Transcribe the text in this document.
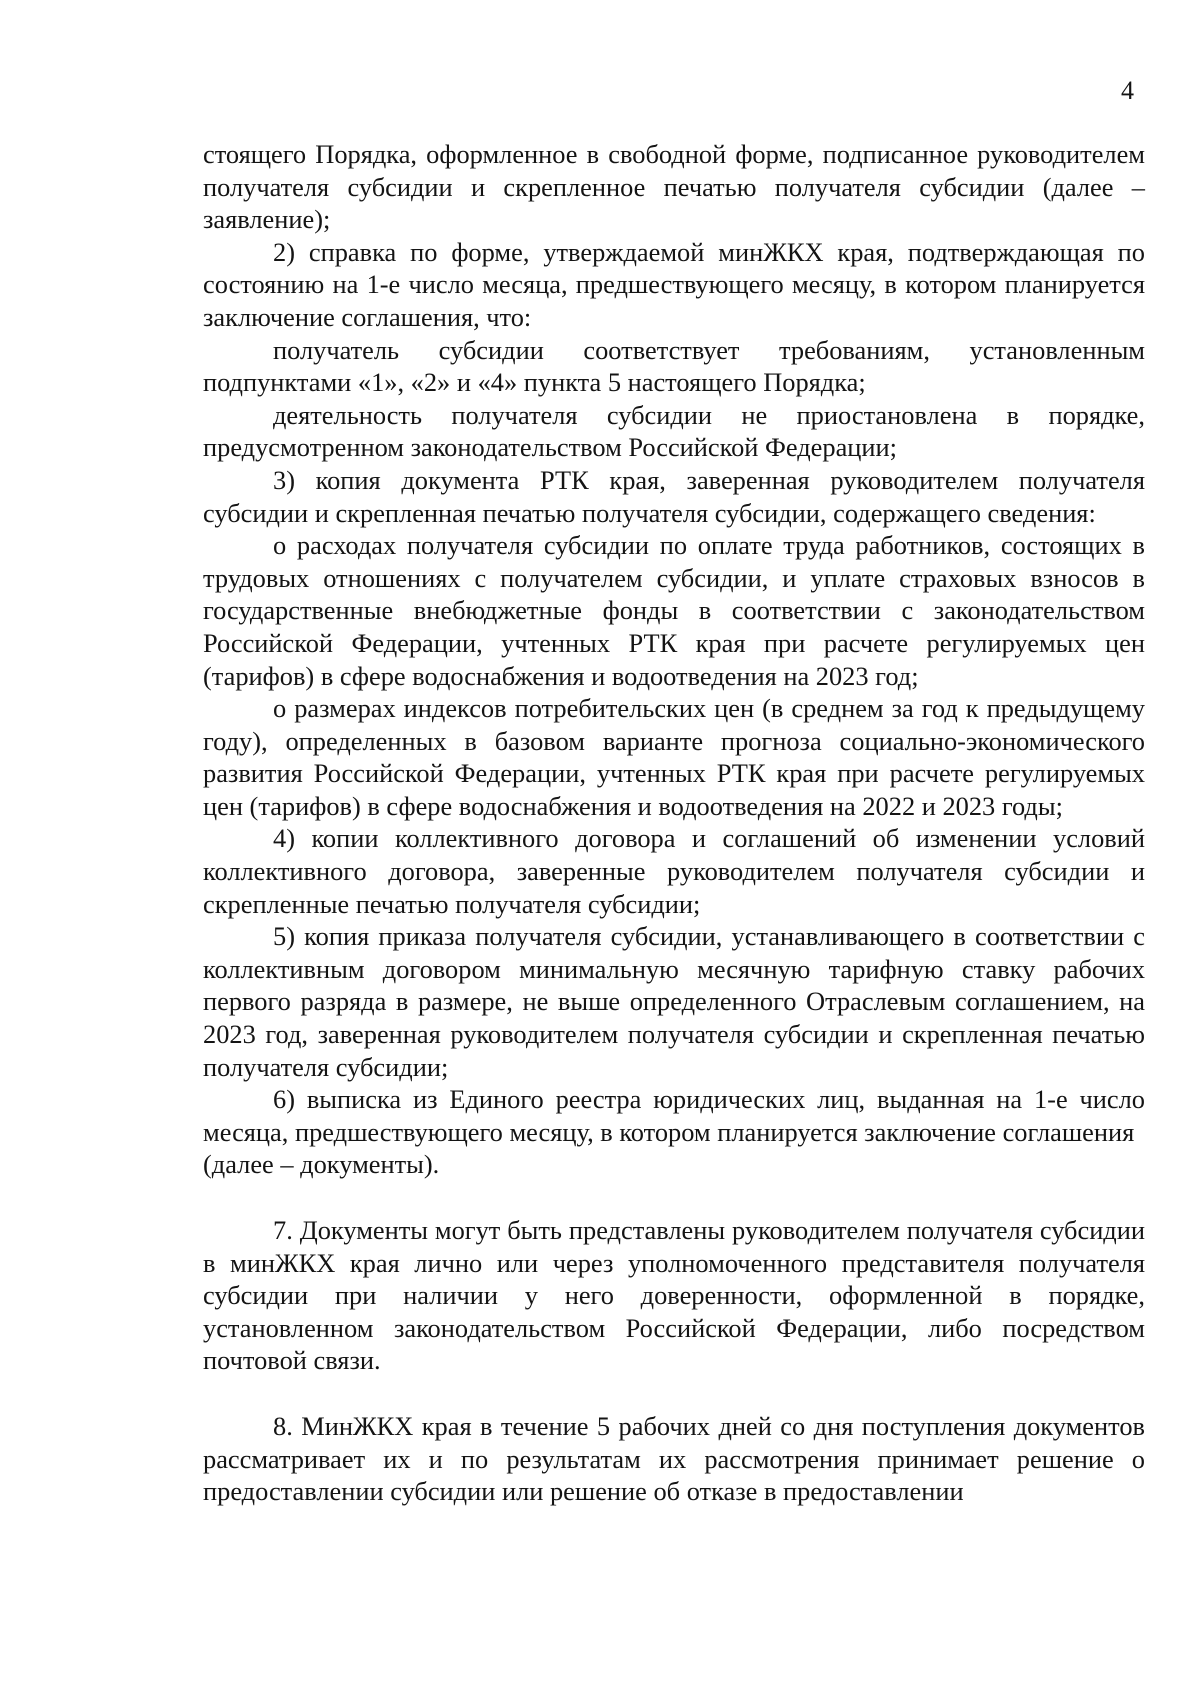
4

стоящего Порядка, оформленное в свободной форме, подписанное руководителем получателя субсидии и скрепленное печатью получателя субсидии (далее – заявление);

2) справка по форме, утверждаемой минЖКХ края, подтверждающая по состоянию на 1-е число месяца, предшествующего месяцу, в котором планируется заключение соглашения, что:

получатель субсидии соответствует требованиям, установленным подпунктами «1», «2» и «4» пункта 5 настоящего Порядка;

деятельность получателя субсидии не приостановлена в порядке, предусмотренном законодательством Российской Федерации;

3) копия документа РТК края, заверенная руководителем получателя субсидии и скрепленная печатью получателя субсидии, содержащего сведения:

о расходах получателя субсидии по оплате труда работников, состоящих в трудовых отношениях с получателем субсидии, и уплате страховых взносов в государственные внебюджетные фонды в соответствии с законодательством Российской Федерации, учтенных РТК края при расчете регулируемых цен (тарифов) в сфере водоснабжения и водоотведения на 2023 год;

о размерах индексов потребительских цен (в среднем за год к предыдущему году), определенных в базовом варианте прогноза социально-экономического развития Российской Федерации, учтенных РТК края при расчете регулируемых цен (тарифов) в сфере водоснабжения и водоотведения на 2022 и 2023 годы;

4) копии коллективного договора и соглашений об изменении условий коллективного договора, заверенные руководителем получателя субсидии и скрепленные печатью получателя субсидии;

5) копия приказа получателя субсидии, устанавливающего в соответствии с коллективным договором минимальную месячную тарифную ставку рабочих первого разряда в размере, не выше определенного Отраслевым соглашением, на 2023 год, заверенная руководителем получателя субсидии и скрепленная печатью получателя субсидии;

6) выписка из Единого реестра юридических лиц, выданная на 1-е число месяца, предшествующего месяцу, в котором планируется заключение соглашения

(далее – документы).

7. Документы могут быть представлены руководителем получателя субсидии в минЖКХ края лично или через уполномоченного представителя получателя субсидии при наличии у него доверенности, оформленной в порядке, установленном законодательством Российской Федерации, либо посредством почтовой связи.

8. МинЖКХ края в течение 5 рабочих дней со дня поступления документов рассматривает их и по результатам их рассмотрения принимает решение о предоставлении субсидии или решение об отказе в предоставлении
